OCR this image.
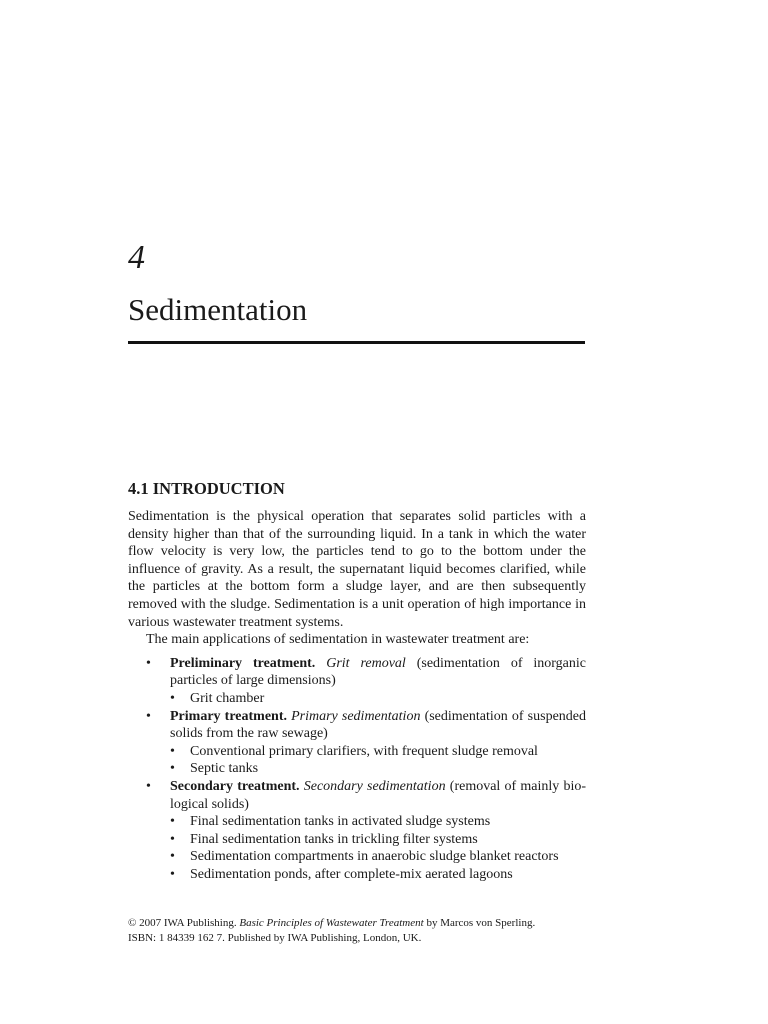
4
Sedimentation
4.1 INTRODUCTION

Sedimentation is the physical operation that separates solid particles with a density higher than that of the surrounding liquid. In a tank in which the water flow velocity is very low, the particles tend to go to the bottom under the influence of gravity. As a result, the supernatant liquid becomes clarified, while the particles at the bottom form a sludge layer, and are then subsequently removed with the sludge. Sedimentation is a unit operation of high importance in various wastewater treatment systems.

The main applications of sedimentation in wastewater treatment are:

• Preliminary treatment. Grit removal (sedimentation of inorganic particles of large dimensions)
• Grit chamber
• Primary treatment. Primary sedimentation (sedimentation of suspended solids from the raw sewage)
• Conventional primary clarifiers, with frequent sludge removal
• Septic tanks
• Secondary treatment. Secondary sedimentation (removal of mainly bio-logical solids)
• Final sedimentation tanks in activated sludge systems
• Final sedimentation tanks in trickling filter systems
• Sedimentation compartments in anaerobic sludge blanket reactors
• Sedimentation ponds, after complete-mix aerated lagoons
© 2007 IWA Publishing. Basic Principles of Wastewater Treatment by Marcos von Sperling.
ISBN: 1 84339 162 7. Published by IWA Publishing, London, UK.
